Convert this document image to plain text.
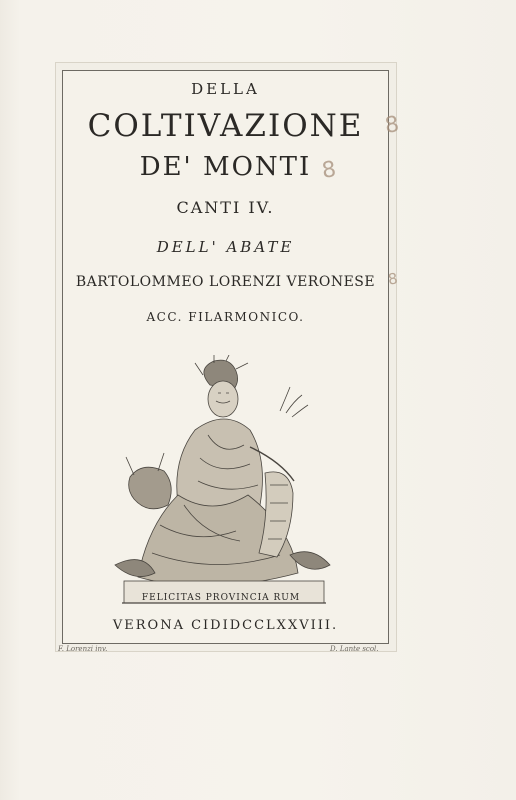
DELLA
COLTIVAZIONE
DE' MONTI
CANTI IV.
DELL' ABATE
BARTOLOMMEO LORENZI VERONESE
ACC. FILARMONICO.
FELICITAS PROVINCIA RUM
VERONA CIDIDCCLXXVIII.
F. Lorenzi inv.	D. Lante scol.
8
8
8
